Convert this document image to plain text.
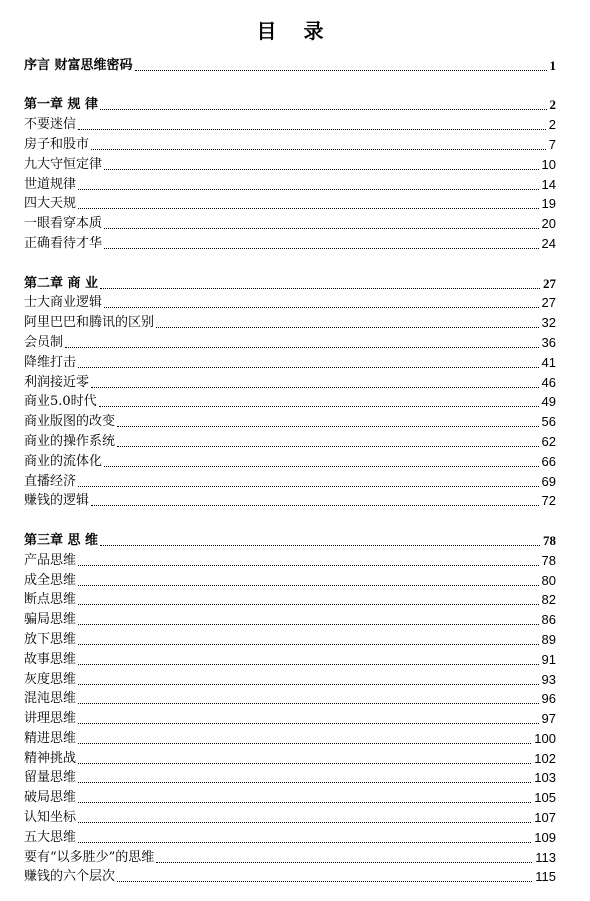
目 录
序言 财富思维密码	1
第一章 规 律	2
不要迷信	2
房子和股市	7
九大守恒定律	10
世道规律	14
四大天规	19
一眼看穿本质	20
正确看待才华	24
第二章 商 业	27
士大商业逻辑	27
阿里巴巴和腾讯的区别	32
会员制	36
降维打击	41
利润接近零	46
商业5.0时代	49
商业版图的改变	56
商业的操作系统	62
商业的流体化	66
直播经济	69
赚钱的逻辑	72
第三章 思 维	78
产品思维	78
成全思维	80
断点思维	82
骗局思维	86
放下思维	89
故事思维	91
灰度思维	93
混沌思维	96
讲理思维	97
精进思维	100
精神挑战	102
留量思维	103
破局思维	105
认知坐标	107
五大思维	109
要有“以多胜少”的思维	113
赚钱的六个层次	115
